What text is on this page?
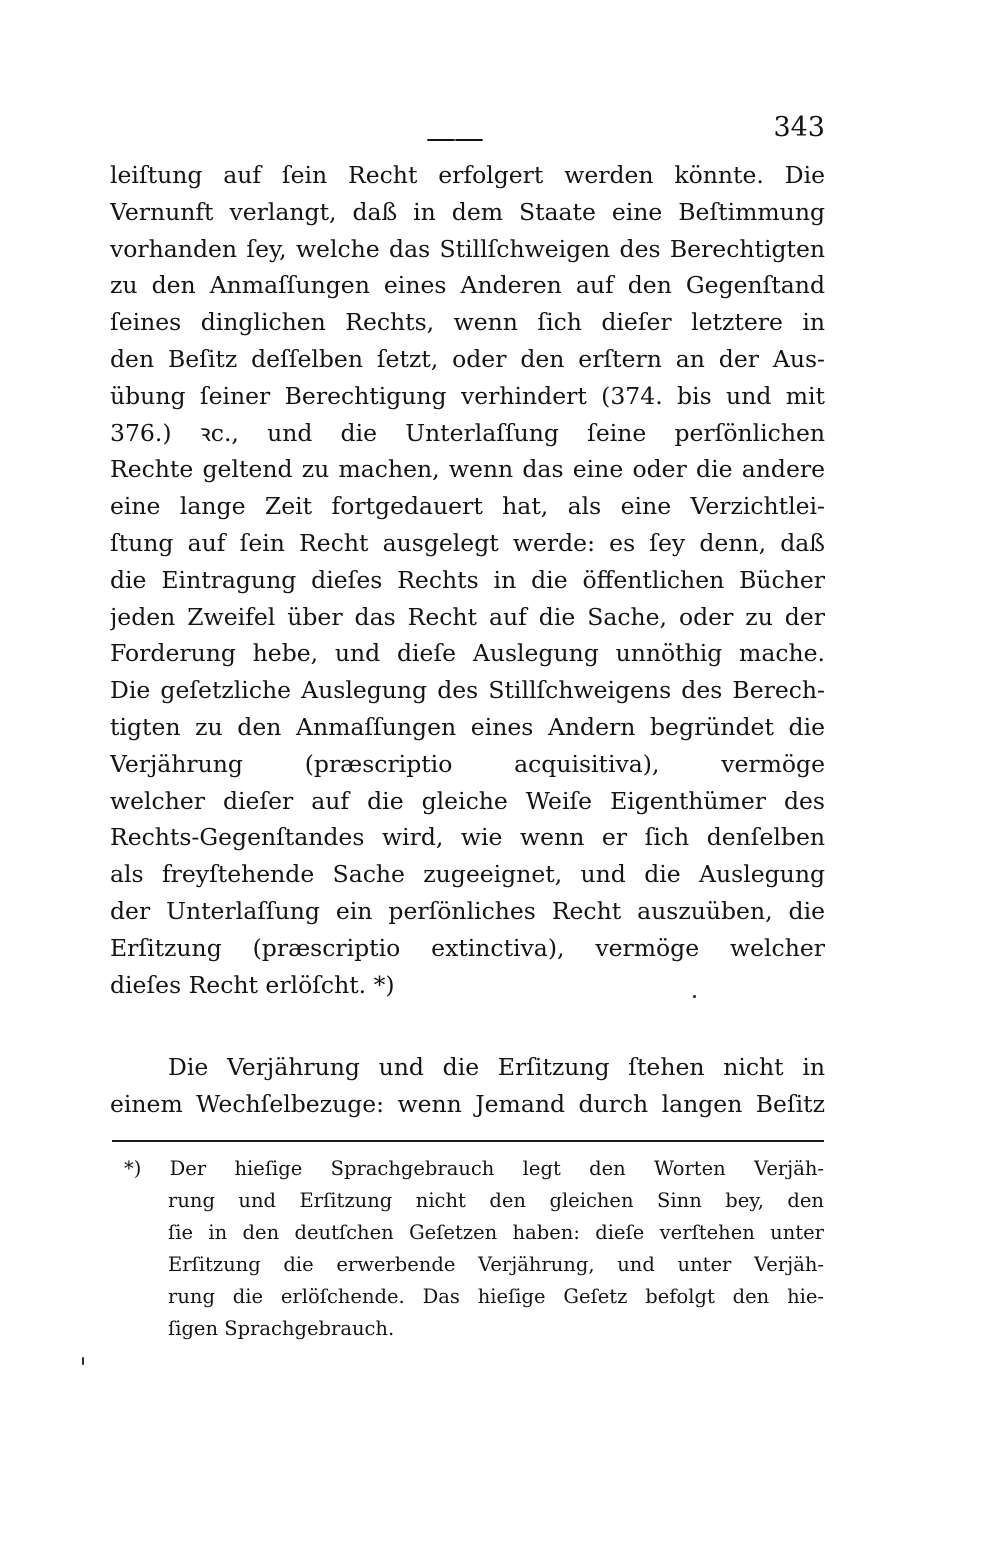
——	343
leiſtung auf ſein Recht erfolgert werden könnte. Die
Vernunft verlangt, daß in dem Staate eine Beſtimmung
vorhanden ſey, welche das Stillſchweigen des Berechtigten
zu den Anmaſſungen eines Anderen auf den Gegenſtand
ſeines dinglichen Rechts, wenn ſich dieſer letztere in
den Beſitz deſſelben ſetzt, oder den erſtern an der Aus-
übung ſeiner Berechtigung verhindert (374. bis und mit
376.) ꝛc., und die Unterlaſſung ſeine perſönlichen
Rechte geltend zu machen, wenn das eine oder die andere
eine lange Zeit fortgedauert hat, als eine Verzichtlei-
ſtung auf ſein Recht ausgelegt werde: es ſey denn, daß
die Eintragung dieſes Rechts in die öffentlichen Bücher
jeden Zweifel über das Recht auf die Sache, oder zu der
Forderung hebe, und dieſe Auslegung unnöthig mache.
Die geſetzliche Auslegung des Stillſchweigens des Berech-
tigten zu den Anmaſſungen eines Andern begründet die
Verjährung (præscriptio acquisitiva), vermöge
welcher dieſer auf die gleiche Weiſe Eigenthümer des
Rechts-Gegenſtandes wird, wie wenn er ſich denſelben
als freyſtehende Sache zugeeignet, und die Auslegung
der Unterlaſſung ein perſönliches Recht auszuüben, die
Erſitzung (præscriptio extinctiva), vermöge welcher
dieſes Recht erlöſcht. *)
Die Verjährung und die Erſitzung ſtehen nicht in
einem Wechſelbezuge: wenn Jemand durch langen Beſitz
*) Der hieſige Sprachgebrauch legt den Worten Verjäh-
rung und Erſitzung nicht den gleichen Sinn bey, den
ſie in den deutſchen Geſetzen haben: dieſe verſtehen unter
Erſitzung die erwerbende Verjährung, und unter Verjäh-
rung die erlöſchende. Das hieſige Geſetz befolgt den hie-
ſigen Sprachgebrauch.
